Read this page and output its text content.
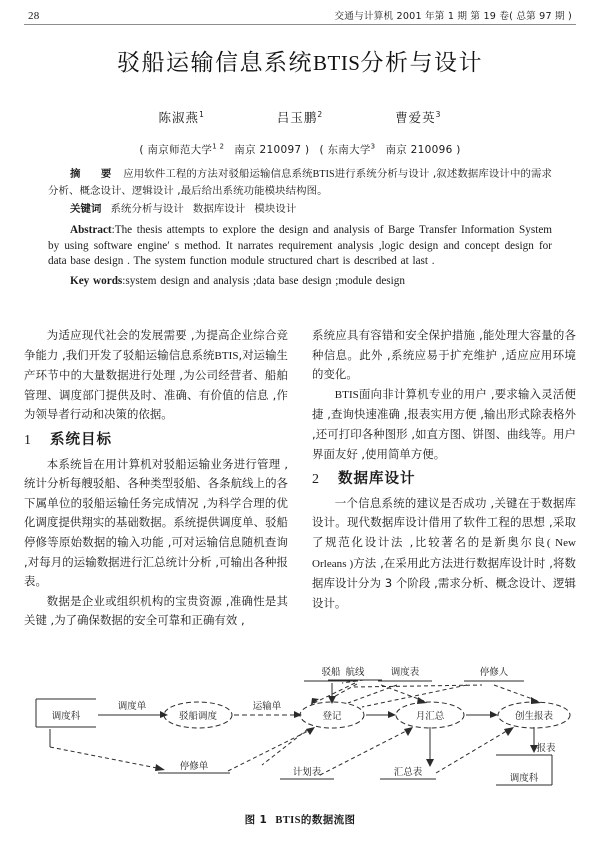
28	交通与计算机 2001 年第 1 期 第 19 卷( 总第 97 期 )
驳船运输信息系统BTIS分析与设计
陈淑燕$^1$	吕玉鹏$^2$	曹爱英$^3$
( 南京师范大学$^{1 2}$ 南京 210097 ) ( 东南大学$^3$ 南京 210096 )
摘　要 应用软件工程的方法对驳船运输信息系统BTIS进行系统分析与设计 ,叙述数据库设计中的需求分析、概念设计、逻辑设计 ,最后给出系统功能模块结构图。
关键词 系统分析与设计 数据库设计 模块设计
Abstract:The thesis attempts to explore the design and analysis of Barge Transfer Information System by using software engine′ s method. It narrates requirement analysis ,logic design and concept design for data base design . The system function module structured chart is described at last .
Key words:system design and analysis ;data base design ;module design

为适应现代社会的发展需要 ,为提高企业综合竞争能力 ,我们开发了驳船运输信息系统BTIS,对运输生产环节中的大量数据进行处理 ,为公司经营者、船舶管理、调度部门提供及时、准确、有价值的信息 ,作为领导者行动和决策的依据。

1	系统目标

本系统旨在用计算机对驳船运输业务进行管理 ,统计分析每艘驳船、各种类型驳船、各条航线上的各下属单位的驳船运输任务完成情况 ,为科学合理的优化调度提供翔实的基础数据。系统提供调度单、驳船停修等原始数据的输入功能 ,可对运输信息随机查询 ,对每月的运输数据进行汇总统计分析 ,可输出各种报表。

数据是企业或组织机构的宝贵资源 ,准确性是其关键 ,为了确保数据的安全可靠和正确有效 ,

系统应具有容错和安全保护措施 ,能处理大容量的各种信息。此外 ,系统应易于扩充维护 ,适应应用环境的变化。

BTIS面向非计算机专业的用户 ,要求输入灵活便捷 ,查询快速准确 ,报表实用方便 ,输出形式除表格外 ,还可打印各种图形 ,如直方图、饼图、曲线等。用户界面友好 ,使用简单方便。

2	数据库设计

一个信息系统的建议是否成功 ,关键在于数据库设计。现代数据库设计借用了软件工程的思想 ,采取了规范化设计法 ,比较著名的是新奥尔良( New Orleans )方法 ,在采用此方法进行数据库设计时 ,将数据库设计分为 3 个阶段 ,需求分析、概念设计、逻辑设计。

调度科
调度单
驳船调度
运输单
登记	月汇总	创生报表
航线
驳船	调度表	停修人
停修单
计划表	汇总表
报表
调度科
图 1 BTIS的数据流图
